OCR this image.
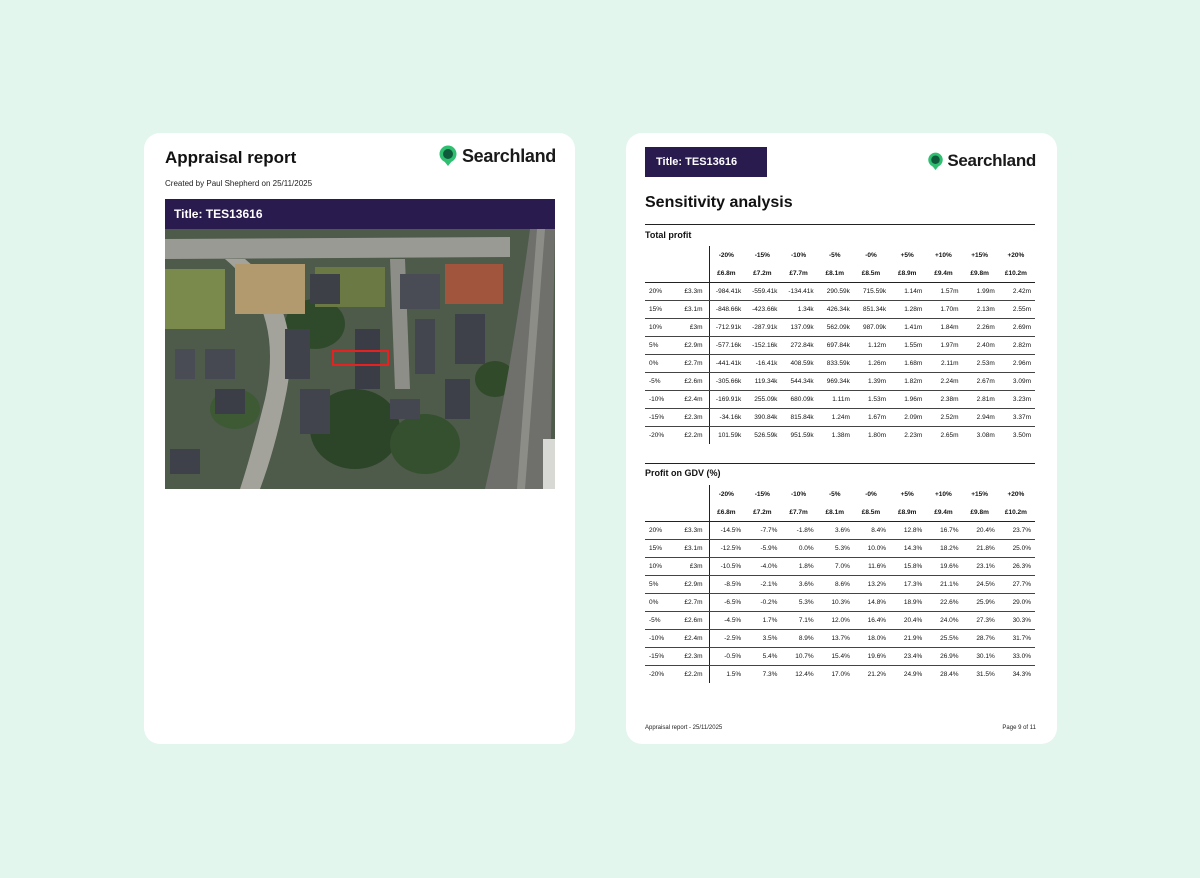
Appraisal report	Searchland
Created by Paul Shepherd on 25/11/2025
Title: TES13616
Title: TES13616	Searchland
Sensitivity analysis
Total profit
		-20%	-15%	-10%	-5%	-0%	+5%	+10%	+15%	+20%
		£6.8m	£7.2m	£7.7m	£8.1m	£8.5m	£8.9m	£9.4m	£9.8m	£10.2m
20%	£3.3m	-984.41k	-559.41k	-134.41k	290.59k	715.59k	1.14m	1.57m	1.99m	2.42m
15%	£3.1m	-848.66k	-423.66k	1.34k	426.34k	851.34k	1.28m	1.70m	2.13m	2.55m
10%	£3m	-712.91k	-287.91k	137.09k	562.09k	987.09k	1.41m	1.84m	2.26m	2.69m
5%	£2.9m	-577.16k	-152.16k	272.84k	697.84k	1.12m	1.55m	1.97m	2.40m	2.82m
0%	£2.7m	-441.41k	-16.41k	408.59k	833.59k	1.26m	1.68m	2.11m	2.53m	2.96m
-5%	£2.6m	-305.66k	119.34k	544.34k	969.34k	1.39m	1.82m	2.24m	2.67m	3.09m
-10%	£2.4m	-169.91k	255.09k	680.09k	1.11m	1.53m	1.96m	2.38m	2.81m	3.23m
-15%	£2.3m	-34.16k	390.84k	815.84k	1.24m	1.67m	2.09m	2.52m	2.94m	3.37m
-20%	£2.2m	101.59k	526.59k	951.59k	1.38m	1.80m	2.23m	2.65m	3.08m	3.50m
Profit on GDV (%)
		-20%	-15%	-10%	-5%	-0%	+5%	+10%	+15%	+20%
		£6.8m	£7.2m	£7.7m	£8.1m	£8.5m	£8.9m	£9.4m	£9.8m	£10.2m
20%	£3.3m	-14.5%	-7.7%	-1.8%	3.6%	8.4%	12.8%	16.7%	20.4%	23.7%
15%	£3.1m	-12.5%	-5.9%	0.0%	5.3%	10.0%	14.3%	18.2%	21.8%	25.0%
10%	£3m	-10.5%	-4.0%	1.8%	7.0%	11.6%	15.8%	19.6%	23.1%	26.3%
5%	£2.9m	-8.5%	-2.1%	3.6%	8.6%	13.2%	17.3%	21.1%	24.5%	27.7%
0%	£2.7m	-6.5%	-0.2%	5.3%	10.3%	14.8%	18.9%	22.6%	25.9%	29.0%
-5%	£2.6m	-4.5%	1.7%	7.1%	12.0%	16.4%	20.4%	24.0%	27.3%	30.3%
-10%	£2.4m	-2.5%	3.5%	8.9%	13.7%	18.0%	21.9%	25.5%	28.7%	31.7%
-15%	£2.3m	-0.5%	5.4%	10.7%	15.4%	19.6%	23.4%	26.9%	30.1%	33.0%
-20%	£2.2m	1.5%	7.3%	12.4%	17.0%	21.2%	24.9%	28.4%	31.5%	34.3%
Appraisal report - 25/11/2025	Page 9 of 11
